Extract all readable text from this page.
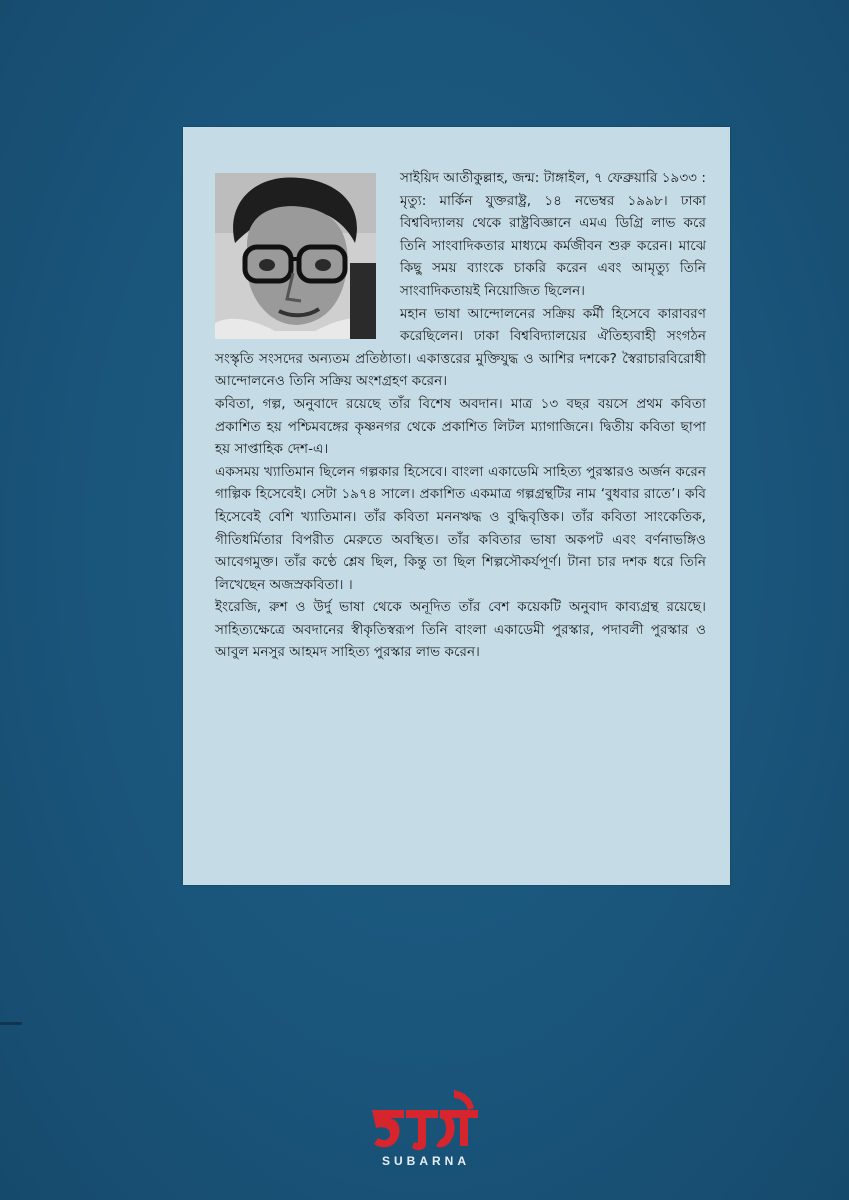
সাইয়িদ আতীকুল্লাহ, জন্ম: টাঙ্গাইল, ৭ ফেব্রুয়ারি ১৯৩৩ : মৃত্যু: মার্কিন যুক্তরাষ্ট্র, ১৪ নভেম্বর ১৯৯৮। ঢাকা বিশ্ববিদ্যালয় থেকে রাষ্ট্রবিজ্ঞানে এমএ ডিগ্রি লাভ করে তিনি সাংবাদিকতার মাধ্যমে কর্মজীবন শুরু করেন। মাঝে কিছু সময় ব্যাংকে চাকরি করেন এবং আমৃত্যু তিনি সাংবাদিকতায়ই নিয়োজিত ছিলেন।

মহান ভাষা আন্দোলনের সক্রিয় কর্মী হিসেবে কারাবরণ করেছিলেন। ঢাকা বিশ্ববিদ্যালয়ের ঐতিহ্যবাহী সংগঠন সংস্কৃতি সংসদের অন্যতম প্রতিষ্ঠাতা। একাত্তরের মুক্তিযুদ্ধ ও আশির দশকে? স্বৈরাচারবিরোধী আন্দোলনেও তিনি সক্রিয় অংশগ্রহণ করেন।

কবিতা, গল্প, অনুবাদে রয়েছে তাঁর বিশেষ অবদান। মাত্র ১৩ বছর বয়সে প্রথম কবিতা প্রকাশিত হয় পশ্চিমবঙ্গের কৃষ্ণনগর থেকে প্রকাশিত লিটল ম্যাগাজিনে। দ্বিতীয় কবিতা ছাপা হয় সাপ্তাহিক দেশ-এ।

একসময় খ্যাতিমান ছিলেন গল্পকার হিসেবে। বাংলা একাডেমি সাহিত্য পুরস্কারও অর্জন করেন গাল্পিক হিসেবেই। সেটা ১৯৭৪ সালে। প্রকাশিত একমাত্র গল্পগ্রন্থটির নাম ‘বুধবার রাতে’। কবি হিসেবেই বেশি খ্যাতিমান। তাঁর কবিতা মননঋদ্ধ ও বুদ্ধিবৃত্তিক। তাঁর কবিতা সাংকেতিক, গীতিধর্মিতার বিপরীত মেরুতে অবস্থিত। তাঁর কবিতার ভাষা অকপট এবং বর্ণনাভঙ্গিও আবেগমুক্ত। তাঁর কণ্ঠে শ্লেষ ছিল, কিন্তু তা ছিল শিল্পসৌকর্যপূর্ণ। টানা চার দশক ধরে তিনি লিখেছেন অজস্রকবিতা। ।

ইংরেজি, রুশ ও উর্দু ভাষা থেকে অনূদিত তাঁর বেশ কয়েকটি অনুবাদ কাব্যগ্রন্থ রয়েছে। সাহিত্যক্ষেত্রে অবদানের স্বীকৃতিস্বরূপ তিনি বাংলা একাডেমী পুরস্কার, পদাবলী পুরস্কার ও আবুল মনসুর আহমদ সাহিত্য পুরস্কার লাভ করেন।

SUBARNA
